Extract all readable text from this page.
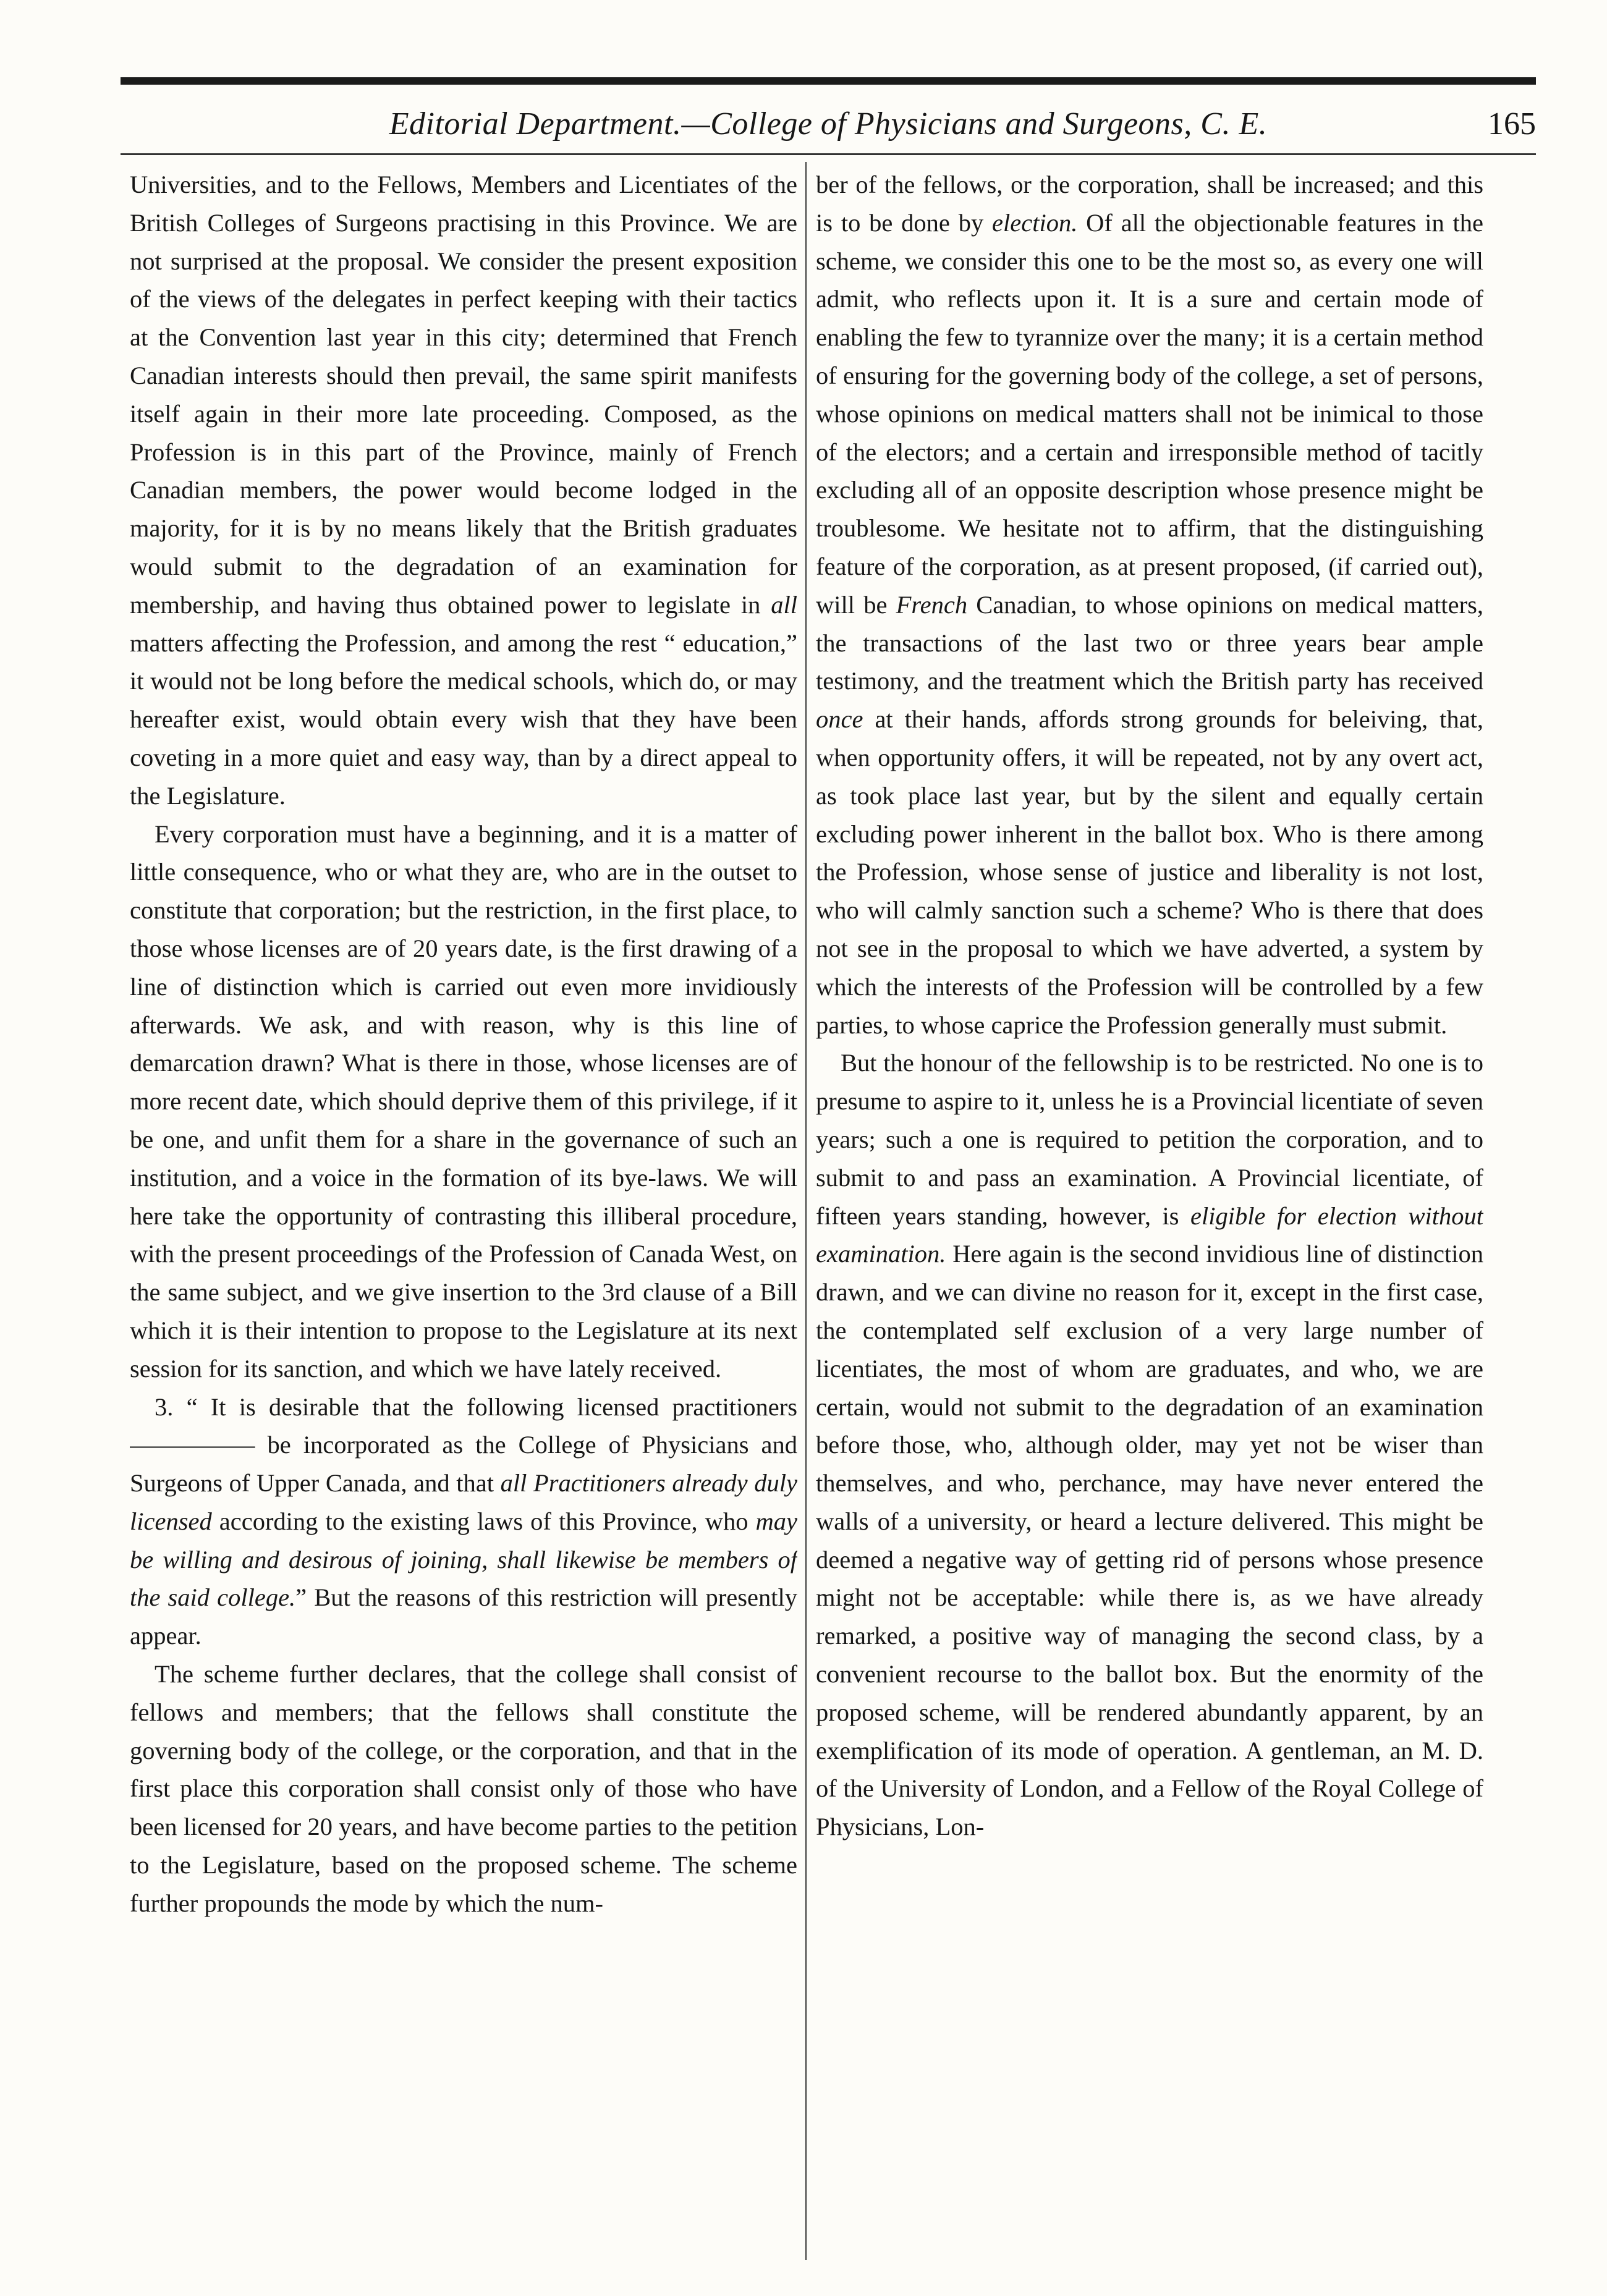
Editorial Department.—College of Physicians and Surgeons, C. E.	165

Universities, and to the Fellows, Members and Licentiates of the British Colleges of Surgeons practising in this Province. We are not surprised at the proposal. We consider the present exposition of the views of the delegates in perfect keeping with their tactics at the Convention last year in this city; determined that French Canadian interests should then prevail, the same spirit manifests itself again in their more late proceeding. Composed, as the Profession is in this part of the Province, mainly of French Canadian members, the power would become lodged in the majority, for it is by no means likely that the British graduates would submit to the degradation of an examination for membership, and having thus obtained power to legislate in all matters affecting the Profession, and among the rest “ education,” it would not be long before the medical schools, which do, or may hereafter exist, would obtain every wish that they have been coveting in a more quiet and easy way, than by a direct appeal to the Legislature.

Every corporation must have a beginning, and it is a matter of little consequence, who or what they are, who are in the outset to constitute that corporation; but the restriction, in the first place, to those whose licenses are of 20 years date, is the first drawing of a line of distinction which is carried out even more invidiously afterwards. We ask, and with reason, why is this line of demarcation drawn? What is there in those, whose licenses are of more recent date, which should deprive them of this privilege, if it be one, and unfit them for a share in the governance of such an institution, and a voice in the formation of its bye-laws. We will here take the opportunity of contrasting this illiberal procedure, with the present proceedings of the Profession of Canada West, on the same subject, and we give insertion to the 3rd clause of a Bill which it is their intention to propose to the Legislature at its next session for its sanction, and which we have lately received.

3. “ It is desirable that the following licensed practitioners ————— be incorporated as the College of Physicians and Surgeons of Upper Canada, and that all Practitioners already duly licensed according to the existing laws of this Province, who may be willing and desirous of joining, shall likewise be members of the said college.” But the reasons of this restriction will presently appear.

The scheme further declares, that the college shall consist of fellows and members; that the fellows shall constitute the governing body of the college, or the corporation, and that in the first place this corporation shall consist only of those who have been licensed for 20 years, and have become parties to the petition to the Legislature, based on the proposed scheme. The scheme further propounds the mode by which the num-

ber of the fellows, or the corporation, shall be increased; and this is to be done by election. Of all the objectionable features in the scheme, we consider this one to be the most so, as every one will admit, who reflects upon it. It is a sure and certain mode of enabling the few to tyrannize over the many; it is a certain method of ensuring for the governing body of the college, a set of persons, whose opinions on medical matters shall not be inimical to those of the electors; and a certain and irresponsible method of tacitly excluding all of an opposite description whose presence might be troublesome. We hesitate not to affirm, that the distinguishing feature of the corporation, as at present proposed, (if carried out), will be French Canadian, to whose opinions on medical matters, the transactions of the last two or three years bear ample testimony, and the treatment which the British party has received once at their hands, affords strong grounds for beleiving, that, when opportunity offers, it will be repeated, not by any overt act, as took place last year, but by the silent and equally certain excluding power inherent in the ballot box. Who is there among the Profession, whose sense of justice and liberality is not lost, who will calmly sanction such a scheme? Who is there that does not see in the proposal to which we have adverted, a system by which the interests of the Profession will be controlled by a few parties, to whose caprice the Profession generally must submit.

But the honour of the fellowship is to be restricted. No one is to presume to aspire to it, unless he is a Provincial licentiate of seven years; such a one is required to petition the corporation, and to submit to and pass an examination. A Provincial licentiate, of fifteen years standing, however, is eligible for election without examination. Here again is the second invidious line of distinction drawn, and we can divine no reason for it, except in the first case, the contemplated self exclusion of a very large number of licentiates, the most of whom are graduates, and who, we are certain, would not submit to the degradation of an examination before those, who, although older, may yet not be wiser than themselves, and who, perchance, may have never entered the walls of a university, or heard a lecture delivered. This might be deemed a negative way of getting rid of persons whose presence might not be acceptable: while there is, as we have already remarked, a positive way of managing the second class, by a convenient recourse to the ballot box. But the enormity of the proposed scheme, will be rendered abundantly apparent, by an exemplification of its mode of operation. A gentleman, an M. D. of the University of London, and a Fellow of the Royal College of Physicians, Lon-
